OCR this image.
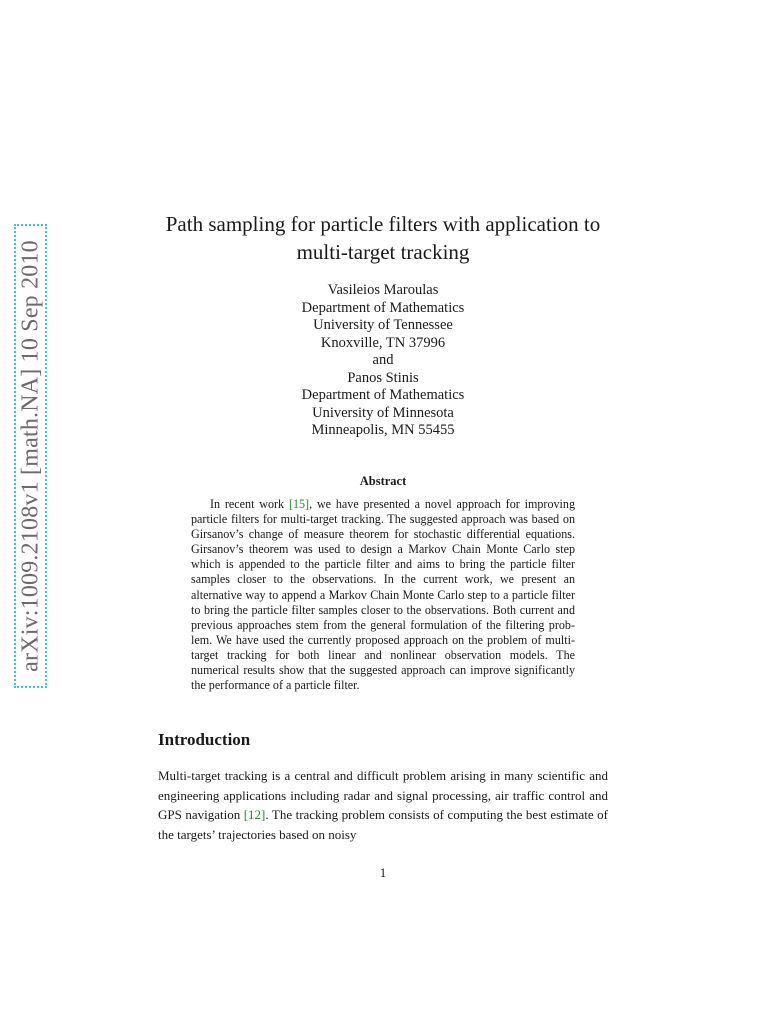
arXiv:1009.2108v1 [math.NA] 10 Sep 2010
Path sampling for particle filters with application to multi-target tracking
Vasileios Maroulas
Department of Mathematics
University of Tennessee
Knoxville, TN 37996
and
Panos Stinis
Department of Mathematics
University of Minnesota
Minneapolis, MN 55455
Abstract

In recent work [15], we have presented a novel approach for improving particle filters for multi-target tracking. The suggested approach was based on Girsanov’s change of measure theorem for stochastic differential equations. Girsanov’s theorem was used to design a Markov Chain Monte Carlo step which is appended to the particle filter and aims to bring the particle filter samples closer to the observations. In the current work, we present an alternative way to append a Markov Chain Monte Carlo step to a particle filter to bring the particle filter samples closer to the observations. Both current and previous approaches stem from the general formulation of the filtering problem. We have used the currently proposed approach on the problem of multi-target tracking for both linear and nonlinear observation models. The numerical results show that the suggested approach can improve significantly the performance of a particle filter.

Introduction

Multi-target tracking is a central and difficult problem arising in many scientific and engineering applications including radar and signal processing, air traffic control and GPS navigation [12]. The tracking problem consists of computing the best estimate of the targets’ trajectories based on noisy

1
